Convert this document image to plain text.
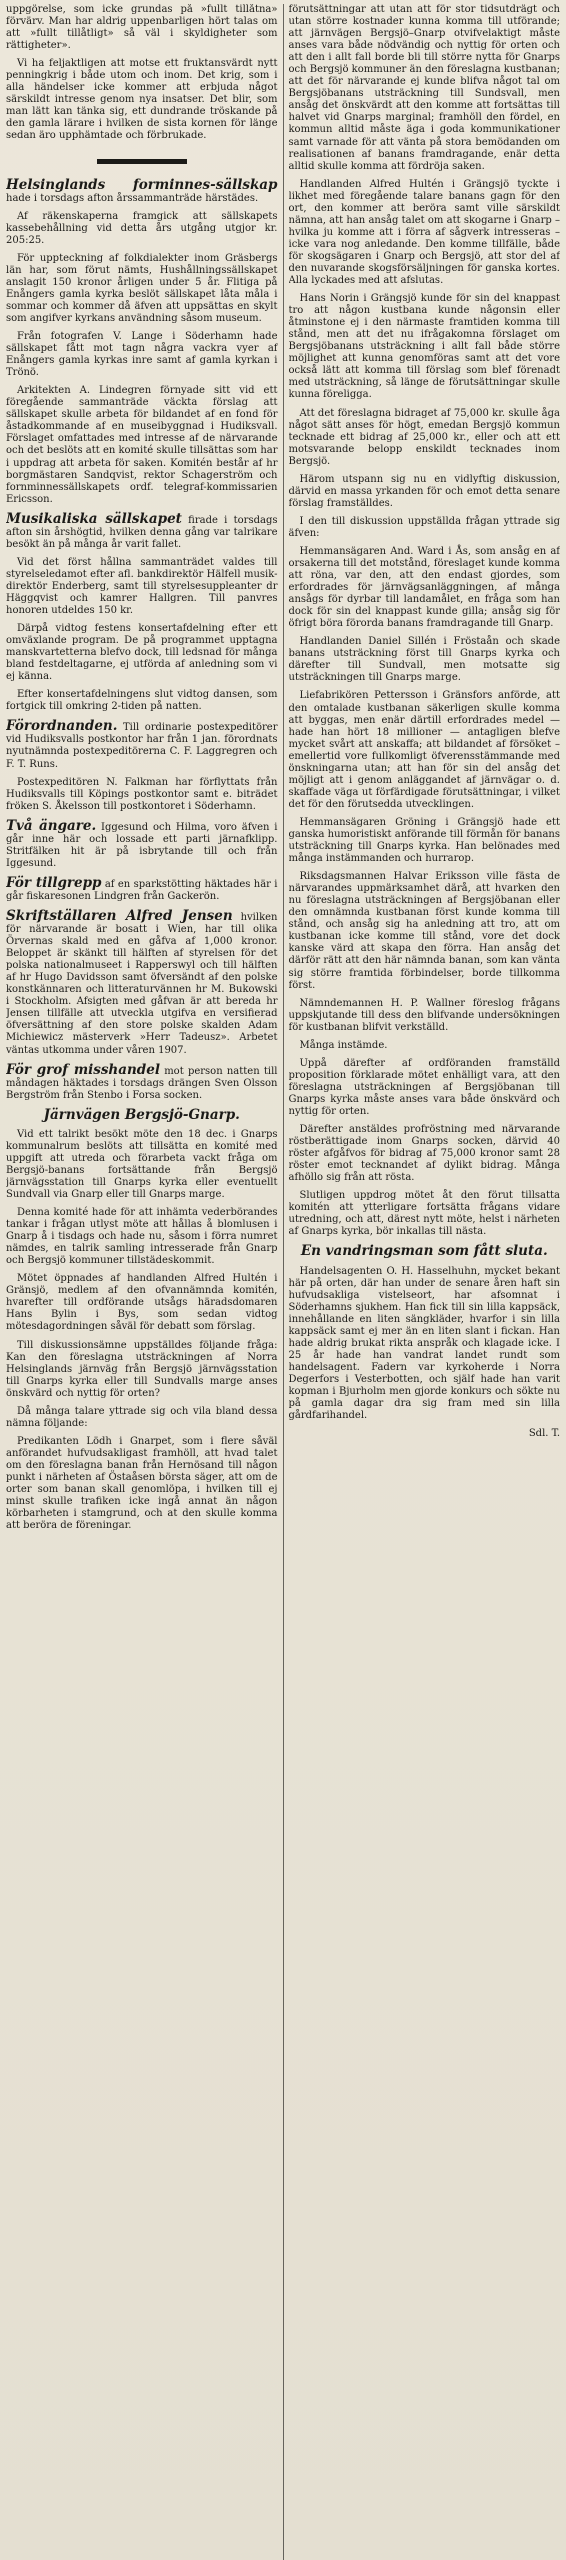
uppgörelse, som icke grundas på »fullt tillåtna» förvärv. Man har aldrig uppenbarligen hört talas om att »fullt tillåtligt» så väl i skyldigheter som rättigheter».

Vi ha feljaktligen att motse ett fruktansvärdt nytt penningkrig i både utom och inom. Det krig, som i alla händelser icke kommer att erbjuda något särskildt intresse genom nya insatser. Det blir, som man lätt kan tänka sig, ett dundrande tröskande på den gamla lärare i hvilken de sista kornen för länge sedan äro upphämtade och förbrukade.

Helsinglands forminnes-sällskap hade i torsdags afton årssammanträde härstädes.

Af räkenskaperna framgick att sällskapets kassebehållning vid detta års utgång utgjor kr. 205:25.

För uppteckning af folkdialekter inom Gräsbergs län har, som förut nämts, Hushållningssällskapet anslagit 150 kronor årligen under 5 år. Flitiga på Enångers gamla kyrka beslöt sällskapet låta måla i sommar och kommer då äfven att uppsättas en skylt som angifver kyrkans användning såsom museum.

Från fotografen V. Lange i Söderhamn hade sällskapet fått mot tagn några vackra vyer af Enångers gamla kyrkas inre samt af gamla kyrkan i Trönö.

Arkitekten A. Lindegren förnyade sitt vid ett föregående sammanträde väckta förslag att sällskapet skulle arbeta för bildandet af en fond för åstadkommande af en museibyggnad i Hudiksvall. Förslaget omfattades med intresse af de närvarande och det beslöts att en komité skulle tillsättas som har i uppdrag att arbeta för saken. Komitén består af hr borgmästaren Sandqvist, rektor Schagerström och fornminnessällskapets ordf. telegraf-kommissarien Ericsson.

Musikaliska sällskapet firade i torsdags afton sin årshögtid, hvilken denna gång var talrikare besökt än på många år varit fallet.

Vid det först hållna sammanträdet valdes till styrelseledamot efter afl. bankdirektör Hälfell musik-direktör Enderberg, samt till styrelsesuppleanter dr Häggqvist och kamrer Hallgren. Till panvres honoren utdeldes 150 kr.

Därpå vidtog festens konsertafdelning efter ett omväxlande program. De på programmet upptagna manskvartetterna blefvo dock, till ledsnad för många bland festdeltagarne, ej utförda af anledning som vi ej känna.

Efter konsertafdelningens slut vidtog dansen, som fortgick till omkring 2-tiden på natten.

Förordnanden. Till ordinarie postexpeditörer vid Hudiksvalls postkontor har från 1 jan. förordnats nyutnämnda postexpeditörerna C. F. Laggregren och F. T. Runs.

Postexpeditören N. Falkman har förflyttats från Hudiksvalls till Köpings postkontor samt e. biträdet fröken S. Åkelsson till postkontoret i Söderhamn.

Två ängare. Iggesund och Hilma, voro äfven i går inne här och lossade ett parti järnafklipp. Stritfälken hit är på isbrytande till och från Iggesund.

För tillgrepp af en sparkstötting häktades här i går fiskaresonen Lindgren från Gackerön.

Skriftställaren Alfred Jensen hvilken för närvarande är bosatt i Wien, har till olika Örvernas skald med en gåfva af 1,000 kronor. Beloppet är skänkt till hälften af styrelsen för det polska nationalmuseet i Rapperswyl och till hälften af hr Hugo Davidsson samt öfversändt af den polske konstkännaren och litteraturvännen hr M. Bukowski i Stockholm. Afsigten med gåfvan är att bereda hr Jensen tillfälle att utveckla utgifva en versifierad öfversättning af den store polske skalden Adam Michiewicz mästerverk »Herr Tadeusz». Arbetet väntas utkomma under våren 1907.

För grof misshandel mot person natten till måndagen häktades i torsdags drängen Sven Olsson Bergström från Stenbo i Forsa socken.

Järnvägen Bergsjö-Gnarp.

Vid ett talrikt besökt möte den 18 dec. i Gnarps kommunalrum beslöts att tillsätta en komité med uppgift att utreda och förarbeta vackt fråga om Bergsjö-banans fortsättande från Bergsjö järnvägsstation till Gnarps kyrka eller eventuellt Sundvall via Gnarp eller till Gnarps marge.

Denna komité hade för att inhämta vederbörandes tankar i frågan utlyst möte att hållas å blomlusen i Gnarp å i tisdags och hade nu, såsom i förra numret nämdes, en talrik samling intresserade från Gnarp och Bergsjö kommuner tillstädeskommit.

Mötet öppnades af handlanden Alfred Hultén i Gränsjö, medlem af den ofvannämnda komitén, hvarefter till ordförande utsågs häradsdomaren Hans Bylin i Bys, som sedan vidtog mötesdagordningen såväl för debatt som förslag.

Till diskussionsämne uppställdes följande fråga: Kan den föreslagna utsträckningen af Norra Helsinglands järnväg från Bergsjö järnvägsstation till Gnarps kyrka eller till Sundvalls marge anses önskvärd och nyttig för orten?

Då många talare yttrade sig och vila bland dessa nämna följande:

Predikanten Lödh i Gnarpet, som i flere såväl anförandet hufvudsakligast framhöll, att hvad talet om den föreslagna banan från Hernösand till någon punkt i närheten af Östaåsen börsta säger, att om de orter som banan skall genomlöpa, i hvilken till ej minst skulle trafiken icke ingå annat än någon körbarheten i stamgrund, och at den skulle komma att beröra de föreningar.

förutsättningar att utan att för stor tidsutdrägt och utan större kostnader kunna komma till utförande; att järnvägen Bergsjö–Gnarp otvifvelaktigt måste anses vara både nödvändig och nyttig för orten och att den i allt fall borde bli till större nytta för Gnarps och Bergsjö kommuner än den föreslagna kustbanan; att det för närvarande ej kunde blifva något tal om Bergsjöbanans utsträckning till Sundsvall, men ansåg det önskvärdt att den komme att fortsättas till halvet vid Gnarps marginal; framhöll den fördel, en kommun alltid måste äga i goda kommunikationer samt varnade för att vänta på stora bemödanden om realisationen af banans framdragande, enär detta alltid skulle komma att fördröja saken.

Handlanden Alfred Hultén i Grängsjö tyckte i likhet med föregående talare banans gagn för den ort, den kommer att beröra samt ville särskildt nämna, att han ansåg talet om att skogarne i Gnarp – hvilka ju komme att i förra af sågverk intresseras – icke vara nog anledande. Den komme tillfälle, både för skogsägaren i Gnarp och Bergsjö, att stor del af den nuvarande skogsförsäljningen för ganska kortes. Alla lyckades med att afslutas.

Hans Norin i Grängsjö kunde för sin del knappast tro att någon kustbana kunde någonsin eller åtminstone ej i den närmaste framtiden komma till stånd, men att det nu ifrågakomna förslaget om Bergsjöbanans utsträckning i allt fall både större möjlighet att kunna genomföras samt att det vore också lätt att komma till förslag som blef förenadt med utsträckning, så länge de förutsättningar skulle kunna föreligga.

Att det föreslagna bidraget af 75,000 kr. skulle åga något sätt anses för högt, emedan Bergsjö kommun tecknade ett bidrag af 25,000 kr., eller och att ett motsvarande belopp enskildt tecknades inom Bergsjö.

Härom utspann sig nu en vidlyftig diskussion, därvid en massa yrkanden för och emot detta senare förslag framställdes.

I den till diskussion uppställda frågan yttrade sig äfven:

Hemmansägaren And. Ward i Ås, som ansåg en af orsakerna till det motstånd, föreslaget kunde komma att röna, var den, att den endast gjordes, som erfordrades för järnvägsanläggningen, af många ansågs för dyrbar till landamålet, en fråga som han dock för sin del knappast kunde gilla; ansåg sig för öfrigt böra förorda banans framdragande till Gnarp.

Handlanden Daniel Sillén i Fröstaån och skade banans utsträckning först till Gnarps kyrka och därefter till Sundvall, men motsatte sig utsträckningen till Gnarps marge.

Liefabrikören Pettersson i Gränsfors anförde, att den omtalade kustbanan säkerligen skulle komma att byggas, men enär därtill erfordrades medel — hade han hört 18 millioner — antagligen blefve mycket svårt att anskaffa; att bildandet af försöket – emellertid vore fullkomligt öfverensstämmande med önskningarna utan; att han för sin del ansåg det möjligt att i genom anläggandet af järnvägar o. d. skaffade väga ut förfärdigade förutsättningar, i vilket det för den förutsedda utvecklingen.

Hemmansägaren Gröning i Grängsjö hade ett ganska humoristiskt anförande till förmån för banans utsträckning till Gnarps kyrka. Han belönades med många instämmanden och hurrarop.

Riksdagsmannen Halvar Eriksson ville fästa de närvarandes uppmärksamhet därå, att hvarken den nu föreslagna utsträckningen af Bergsjöbanan eller den omnämnda kustbanan först kunde komma till stånd, och ansåg sig ha anledning att tro, att om kustbanan icke komme till stånd, vore det dock kanske värd att skapa den förra. Han ansåg det därför rätt att den här nämnda banan, som kan vänta sig större framtida förbindelser, borde tillkomma först.

Nämndemannen H. P. Wallner föreslog frågans uppskjutande till dess den blifvande undersökningen för kustbanan blifvit verkställd.

Många instämde.

Uppå därefter af ordföranden framställd proposition förklarade mötet enhälligt vara, att den föreslagna utsträckningen af Bergsjöbanan till Gnarps kyrka måste anses vara både önskvärd och nyttig för orten.

Därefter anstäldes profröstning med närvarande röstberättigade inom Gnarps socken, därvid 40 röster afgåfvos för bidrag af 75,000 kronor samt 28 röster emot tecknandet af dylikt bidrag. Många afhöllo sig från att rösta.

Slutligen uppdrog mötet åt den förut tillsatta komitén att ytterligare fortsätta frågans vidare utredning, och att, därest nytt möte, helst i närheten af Gnarps kyrka, bör inkallas till nästa.

En vandringsman som fått sluta.

Handelsagenten O. H. Hasselhuhn, mycket bekant här på orten, där han under de senare åren haft sin hufvudsakliga vistelseort, har afsomnat i Söderhamns sjukhem. Han fick till sin lilla kappsäck, innehållande en liten sängkläder, hvarfor i sin lilla kappsäck samt ej mer än en liten slant i fickan. Han hade aldrig brukat rikta anspråk och klagade icke. I 25 år hade han vandrat landet rundt som handelsagent. Fadern var kyrkoherde i Norra Degerfors i Vesterbotten, och själf hade han varit kopman i Bjurholm men gjorde konkurs och sökte nu på gamla dagar dra sig fram med sin lilla gårdfarihandel.

Sdl. T.
